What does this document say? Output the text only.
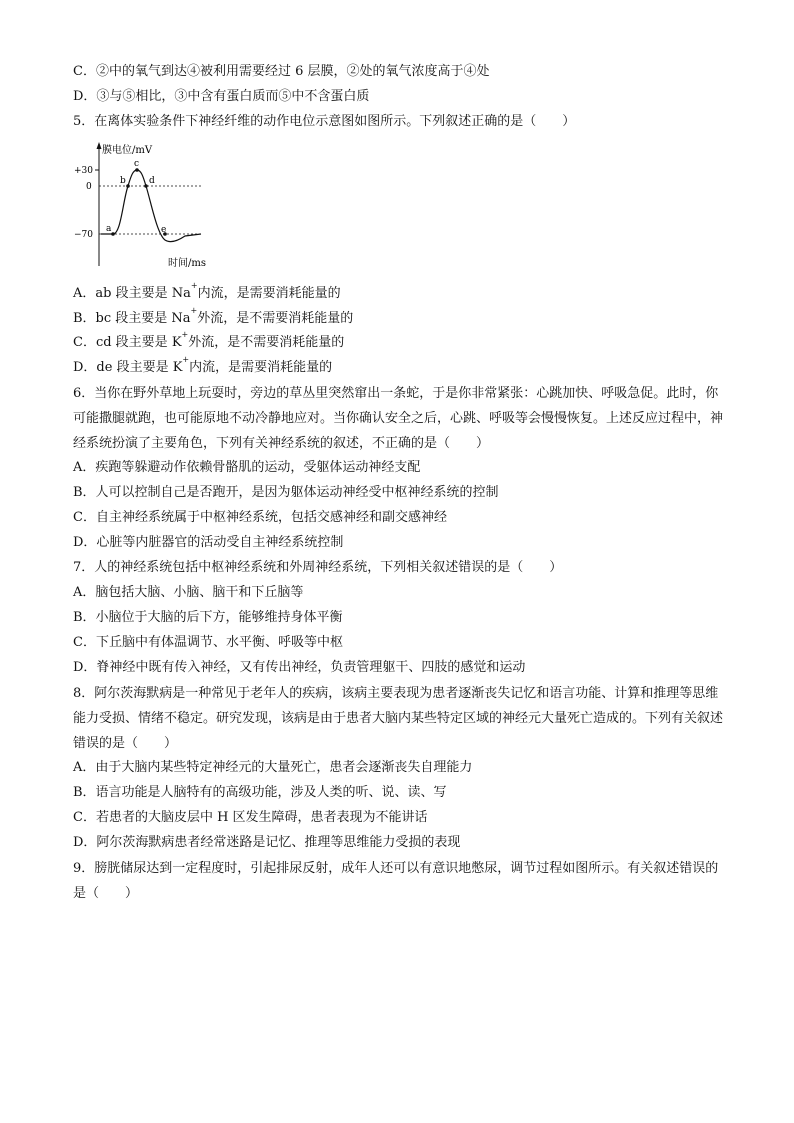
C．②中的氧气到达④被利用需要经过 6 层膜，②处的氧气浓度高于④处
D．③与⑤相比，③中含有蛋白质而⑤中不含蛋白质
5．在离体实验条件下神经纤维的动作电位示意图如图所示。下列叙述正确的是（　　）
膜电位/mV
+30
0
−70
a
b
c
d
e
时间/ms
A．ab 段主要是 Na+内流，是需要消耗能量的
B．bc 段主要是 Na+外流，是不需要消耗能量的
C．cd 段主要是 K+外流，是不需要消耗能量的
D．de 段主要是 K+内流，是需要消耗能量的
6．当你在野外草地上玩耍时，旁边的草丛里突然窜出一条蛇，于是你非常紧张：心跳加快、呼吸急促。此时，你可能撒腿就跑，也可能原地不动冷静地应对。当你确认安全之后，心跳、呼吸等会慢慢恢复。上述反应过程中，神经系统扮演了主要角色，下列有关神经系统的叙述，不正确的是（　　）
A．疾跑等躲避动作依赖骨骼肌的运动，受躯体运动神经支配
B．人可以控制自己是否跑开，是因为躯体运动神经受中枢神经系统的控制
C．自主神经系统属于中枢神经系统，包括交感神经和副交感神经
D．心脏等内脏器官的活动受自主神经系统控制
7．人的神经系统包括中枢神经系统和外周神经系统，下列相关叙述错误的是（　　）
A．脑包括大脑、小脑、脑干和下丘脑等
B．小脑位于大脑的后下方，能够维持身体平衡
C．下丘脑中有体温调节、水平衡、呼吸等中枢
D．脊神经中既有传入神经，又有传出神经，负责管理躯干、四肢的感觉和运动
8．阿尔茨海默病是一种常见于老年人的疾病，该病主要表现为患者逐渐丧失记忆和语言功能、计算和推理等思维能力受损、情绪不稳定。研究发现，该病是由于患者大脑内某些特定区域的神经元大量死亡造成的。下列有关叙述错误的是（　　）
A．由于大脑内某些特定神经元的大量死亡，患者会逐渐丧失自理能力
B．语言功能是人脑特有的高级功能，涉及人类的听、说、读、写
C．若患者的大脑皮层中 H 区发生障碍，患者表现为不能讲话
D．阿尔茨海默病患者经常迷路是记忆、推理等思维能力受损的表现
9．膀胱储尿达到一定程度时，引起排尿反射，成年人还可以有意识地憋尿，调节过程如图所示。有关叙述错误的是（　　）
